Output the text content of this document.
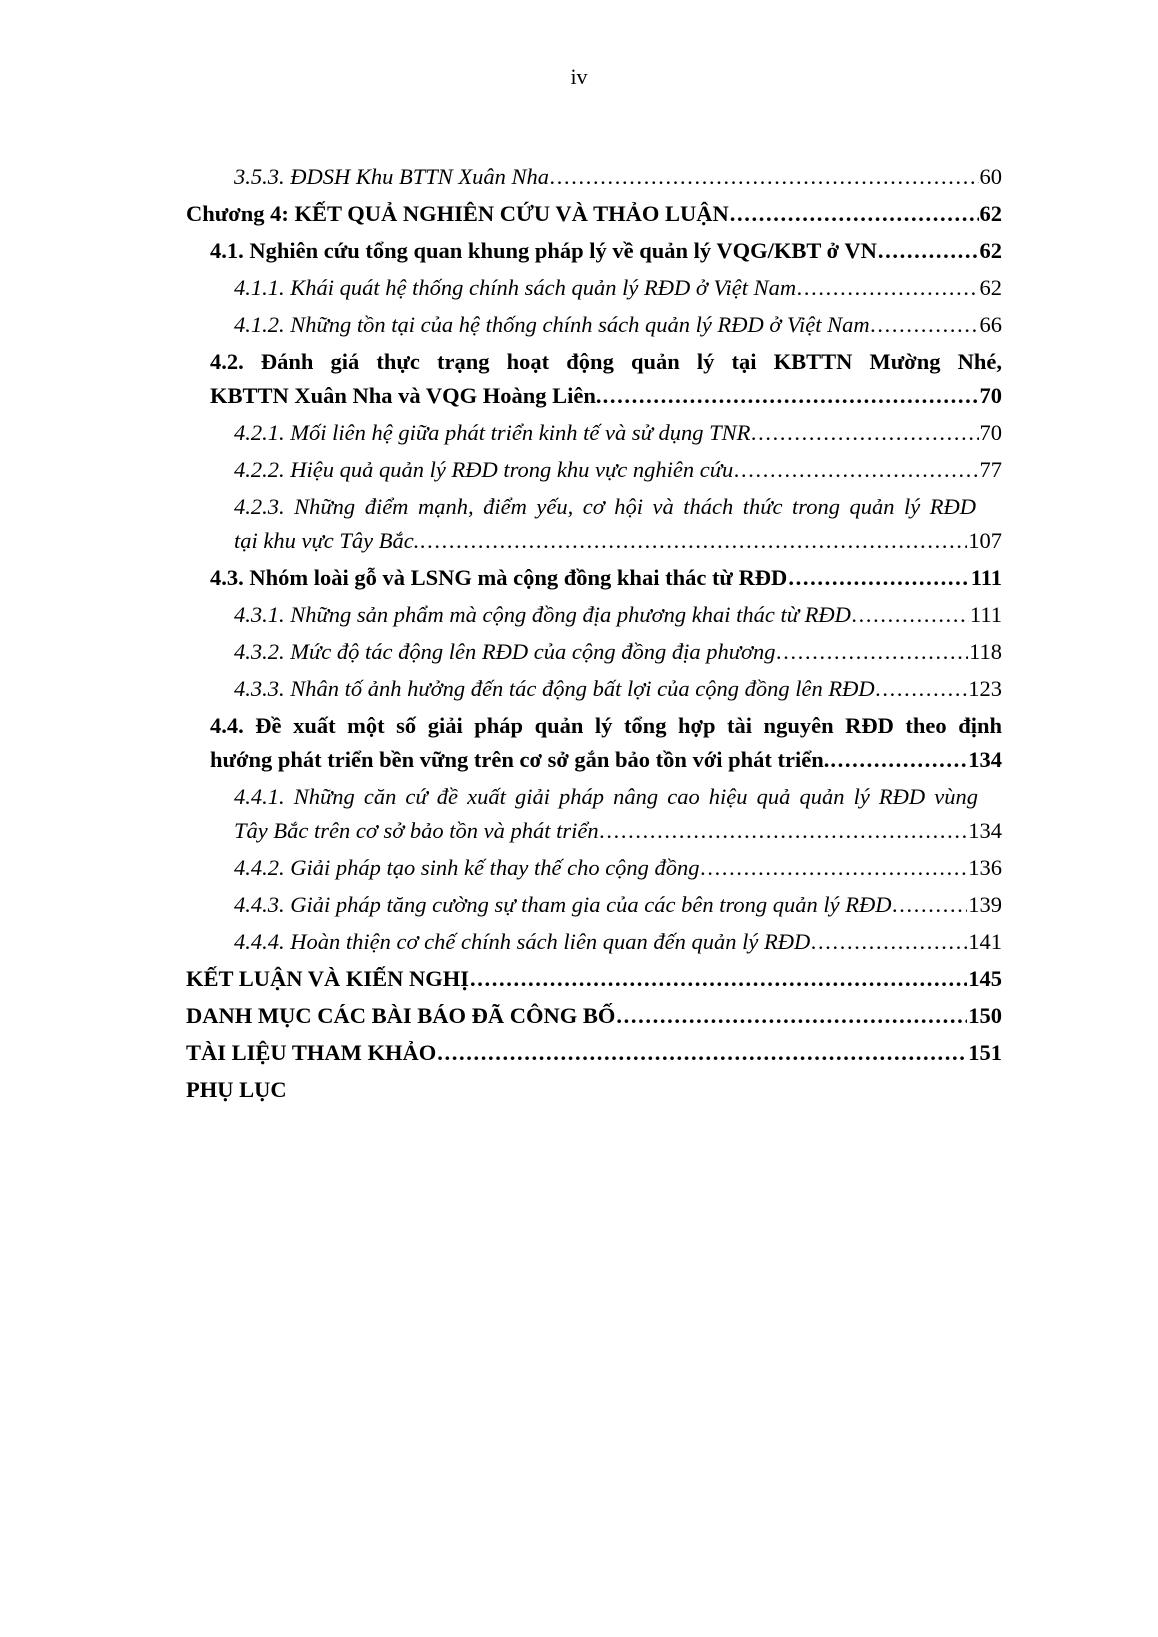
iv
3.5.3. ĐDSH Khu BTTN Xuân Nha . . .	60
Chương 4: KẾT QUẢ NGHIÊN CỨU VÀ THẢO LUẬN . . .	62
4.1. Nghiên cứu tổng quan khung pháp lý về quản lý VQG/KBT ở VN . . .	62
4.1.1. Khái quát hệ thống chính sách quản lý RĐD ở Việt Nam . . .	62
4.1.2. Những tồn tại của hệ thống chính sách quản lý RĐD ở Việt Nam . . .	66
4.2. Đánh giá thực trạng hoạt động quản lý tại KBTTN Mường Nhé,
KBTTN Xuân Nha và VQG Hoàng Liên. . . .	70
4.2.1. Mối liên hệ giữa phát triển kinh tế và sử dụng TNR . . .	70
4.2.2. Hiệu quả quản lý RĐD trong khu vực nghiên cứu . . .	77
4.2.3. Những điểm mạnh, điểm yếu, cơ hội và thách thức trong quản lý RĐD
tại khu vực Tây Bắc. . . .	107
4.3. Nhóm loài gỗ và LSNG mà cộng đồng khai thác từ RĐD . . .	111
4.3.1. Những sản phẩm mà cộng đồng địa phương khai thác từ RĐD . . .	111
4.3.2. Mức độ tác động lên RĐD của cộng đồng địa phương . . .	118
4.3.3. Nhân tố ảnh hưởng đến tác động bất lợi của cộng đồng lên RĐD . . .	123
4.4. Đề xuất một số giải pháp quản lý tổng hợp tài nguyên RĐD theo định
hướng phát triển bền vững trên cơ sở gắn bảo tồn với phát triển. . . .	134
4.4.1. Những căn cứ đề xuất giải pháp nâng cao hiệu quả quản lý RĐD vùng
Tây Bắc trên cơ sở bảo tồn và phát triển . . .	134
4.4.2. Giải pháp tạo sinh kế thay thế cho cộng đồng . . .	136
4.4.3. Giải pháp tăng cường sự tham gia của các bên trong quản lý RĐD . . .	139
4.4.4. Hoàn thiện cơ chế chính sách liên quan đến quản lý RĐD . . .	141
KẾT LUẬN VÀ KIẾN NGHỊ . . .	145
DANH MỤC CÁC BÀI BÁO ĐÃ CÔNG BỐ . . .	150
TÀI LIỆU THAM KHẢO . . .	151
PHỤ LỤC
